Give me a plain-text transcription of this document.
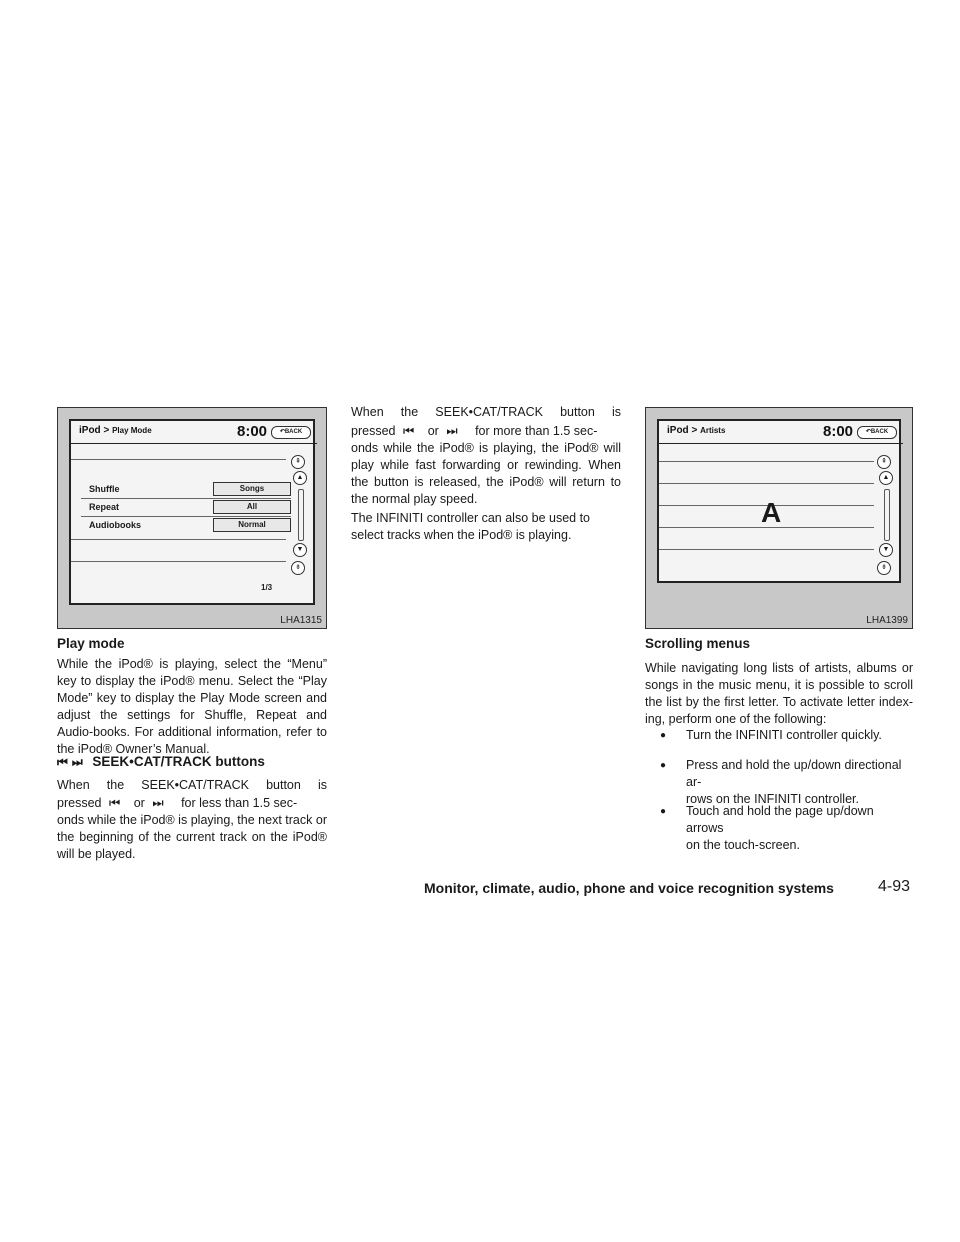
iPod > Play Mode	8:00	↶BACK
Shuffle	Songs
Repeat	All
Audiobooks	Normal
⇞
▲
▼
⇟
1/3
LHA1315
iPod > Artists	8:00	↶BACK
A
⇞
▲
▼
⇟
LHA1399
Play mode
While the iPod® is playing, select the “Menu” key to display the iPod® menu. Select the “Play Mode” key to display the Play Mode screen and adjust the settings for Shuffle, Repeat and Audio-books. For additional information, refer to the iPod® Owner’s Manual.
⏮ ⏭ SEEK•CAT/TRACK buttons
When the SEEK•CAT/TRACK button is
pressed ⏮ or ⏭ for less than 1.5 sec-
onds while the iPod® is playing, the next track or the beginning of the current track on the iPod® will be played.
When the SEEK•CAT/TRACK button is
pressed ⏮ or ⏭ for more than 1.5 sec-
onds while the iPod® is playing, the iPod® will play while fast forwarding or rewinding. When the button is released, the iPod® will return to the normal play speed.
The INFINITI controller can also be used to select tracks when the iPod® is playing.
Scrolling menus
While navigating long lists of artists, albums or songs in the music menu, it is possible to scroll the list by the first letter. To activate letter index-ing, perform one of the following:
● Turn the INFINITI controller quickly.
● Press and hold the up/down directional ar-
rows on the INFINITI controller.
● Touch and hold the page up/down arrows
on the touch-screen.
Monitor, climate, audio, phone and voice recognition systems	4-93
